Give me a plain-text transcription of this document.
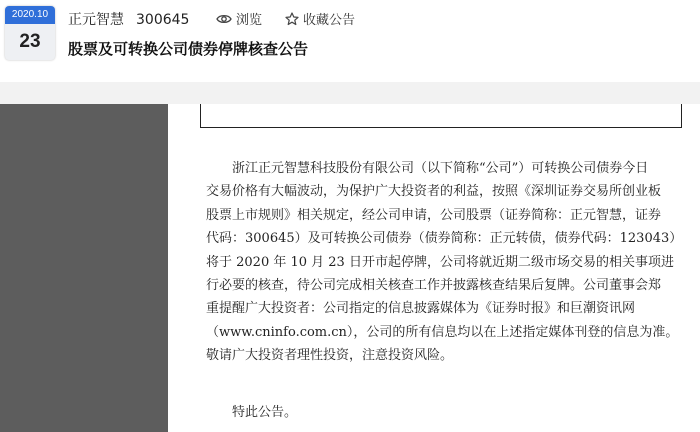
2020.10
23
正元智慧 300645	浏览	收藏公告
股票及可转换公司债券停牌核查公告
浙江正元智慧科技股份有限公司（以下简称“公司”）可转换公司债券今日
交易价格有大幅波动，为保护广大投资者的利益，按照《深圳证券交易所创业板
股票上市规则》相关规定，经公司申请，公司股票（证券简称：正元智慧，证券
代码：300645）及可转换公司债券（债券简称：正元转债，债券代码：123043）
将于 2020 年 10 月 23 日开市起停牌，公司将就近期二级市场交易的相关事项进
行必要的核查，待公司完成相关核查工作并披露核查结果后复牌。公司董事会郑
重提醒广大投资者：公司指定的信息披露媒体为《证券时报》和巨潮资讯网
（www.cninfo.com.cn），公司的所有信息均以在上述指定媒体刊登的信息为准。
敬请广大投资者理性投资，注意投资风险。
特此公告。
